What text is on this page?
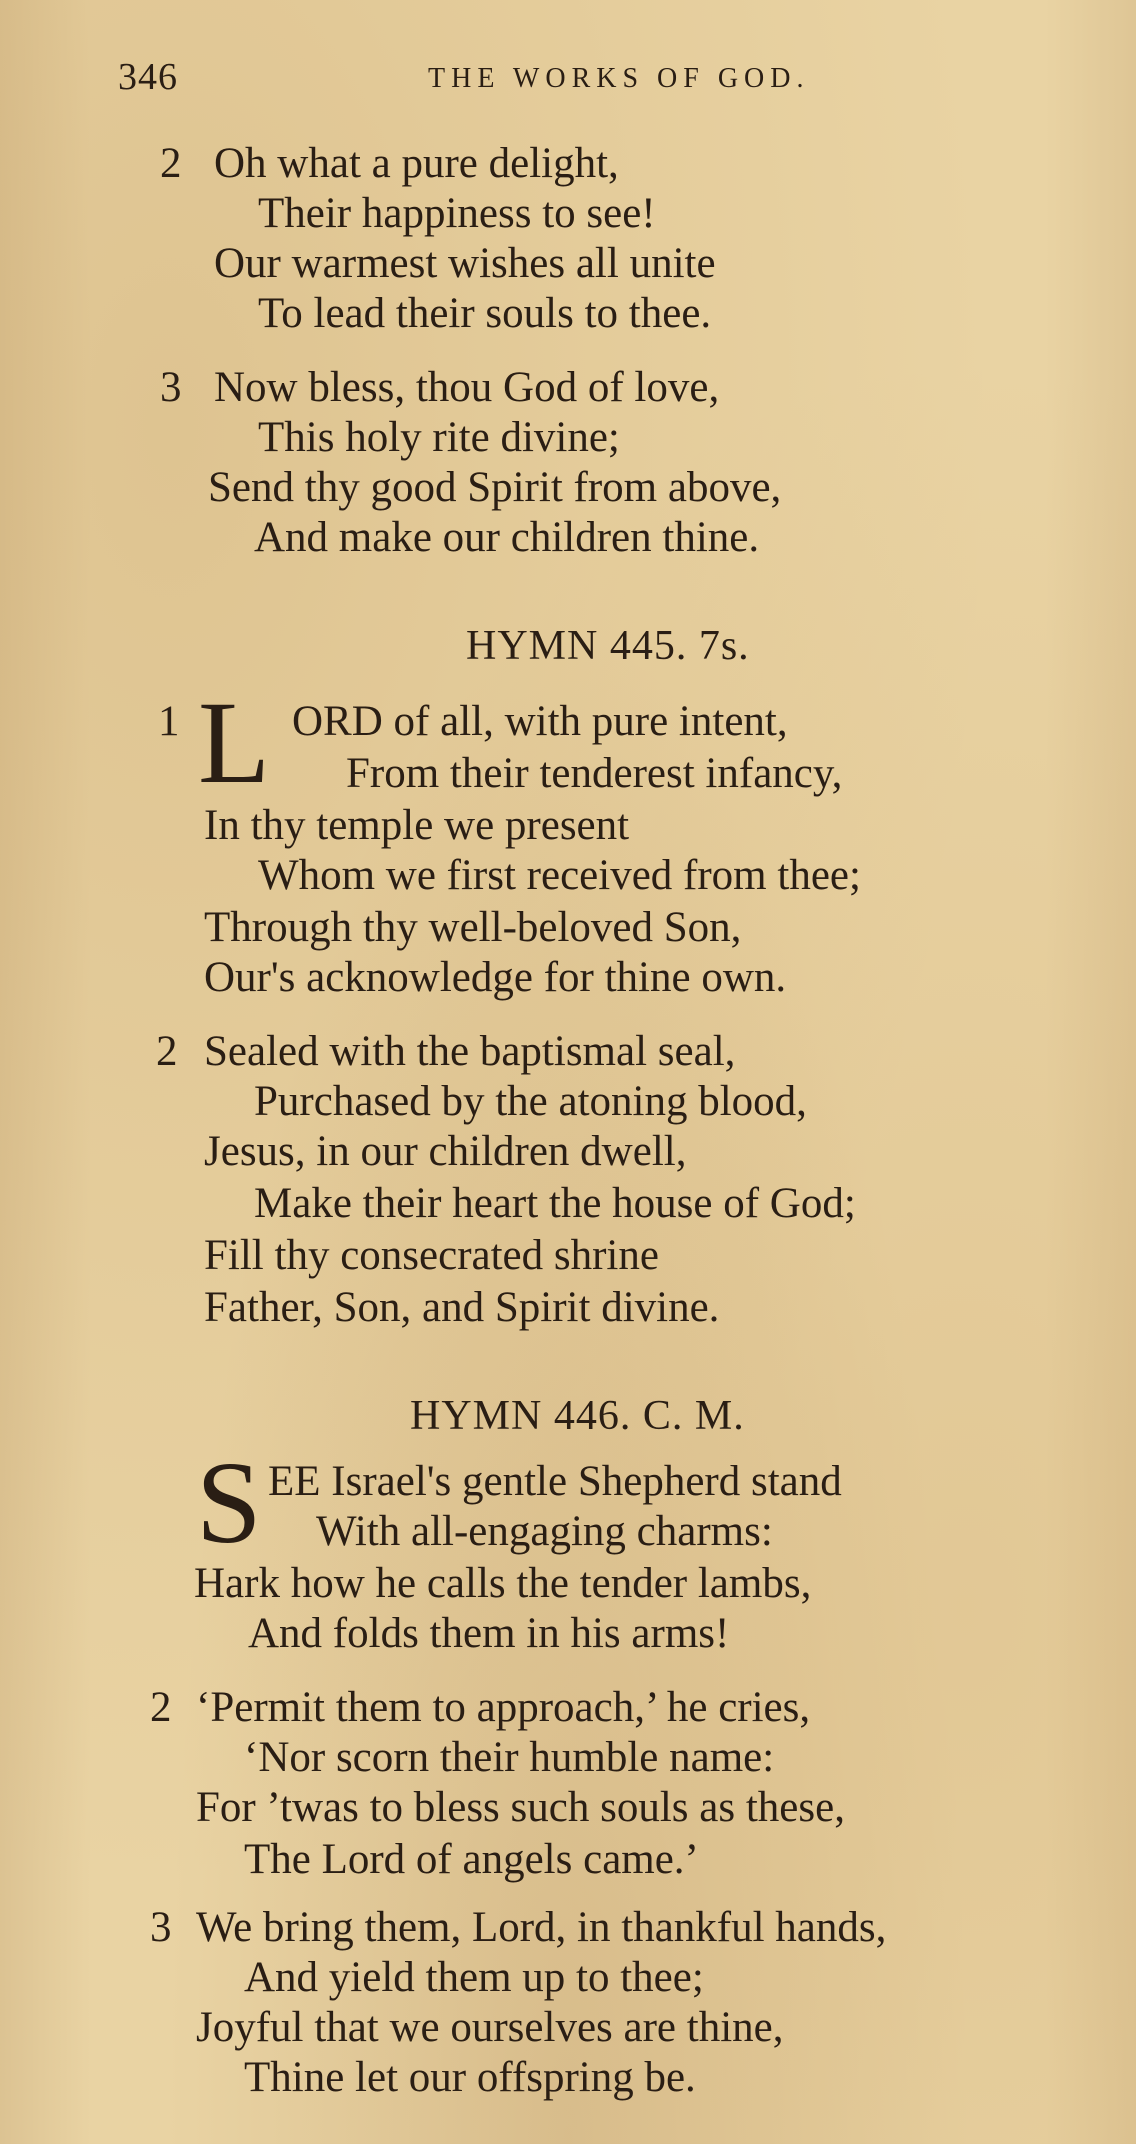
346	THE WORKS OF GOD.
2 Oh what a pure delight,
Their happiness to see!
Our warmest wishes all unite
To lead their souls to thee.
3 Now bless, thou God of love,
This holy rite divine;
Send thy good Spirit from above,
And make our children thine.
HYMN 445. 7s.
1 L ORD of all, with pure intent,
From their tenderest infancy,
In thy temple we present
Whom we first received from thee;
Through thy well-beloved Son,
Our's acknowledge for thine own.
2 Sealed with the baptismal seal,
Purchased by the atoning blood,
Jesus, in our children dwell,
Make their heart the house of God;
Fill thy consecrated shrine
Father, Son, and Spirit divine.
HYMN 446. C. M.
S EE Israel's gentle Shepherd stand
With all-engaging charms:
Hark how he calls the tender lambs,
And folds them in his arms!
2 ‘Permit them to approach,’ he cries,
‘Nor scorn their humble name:
For ’twas to bless such souls as these,
The Lord of angels came.’
3 We bring them, Lord, in thankful hands,
And yield them up to thee;
Joyful that we ourselves are thine,
Thine let our offspring be.
